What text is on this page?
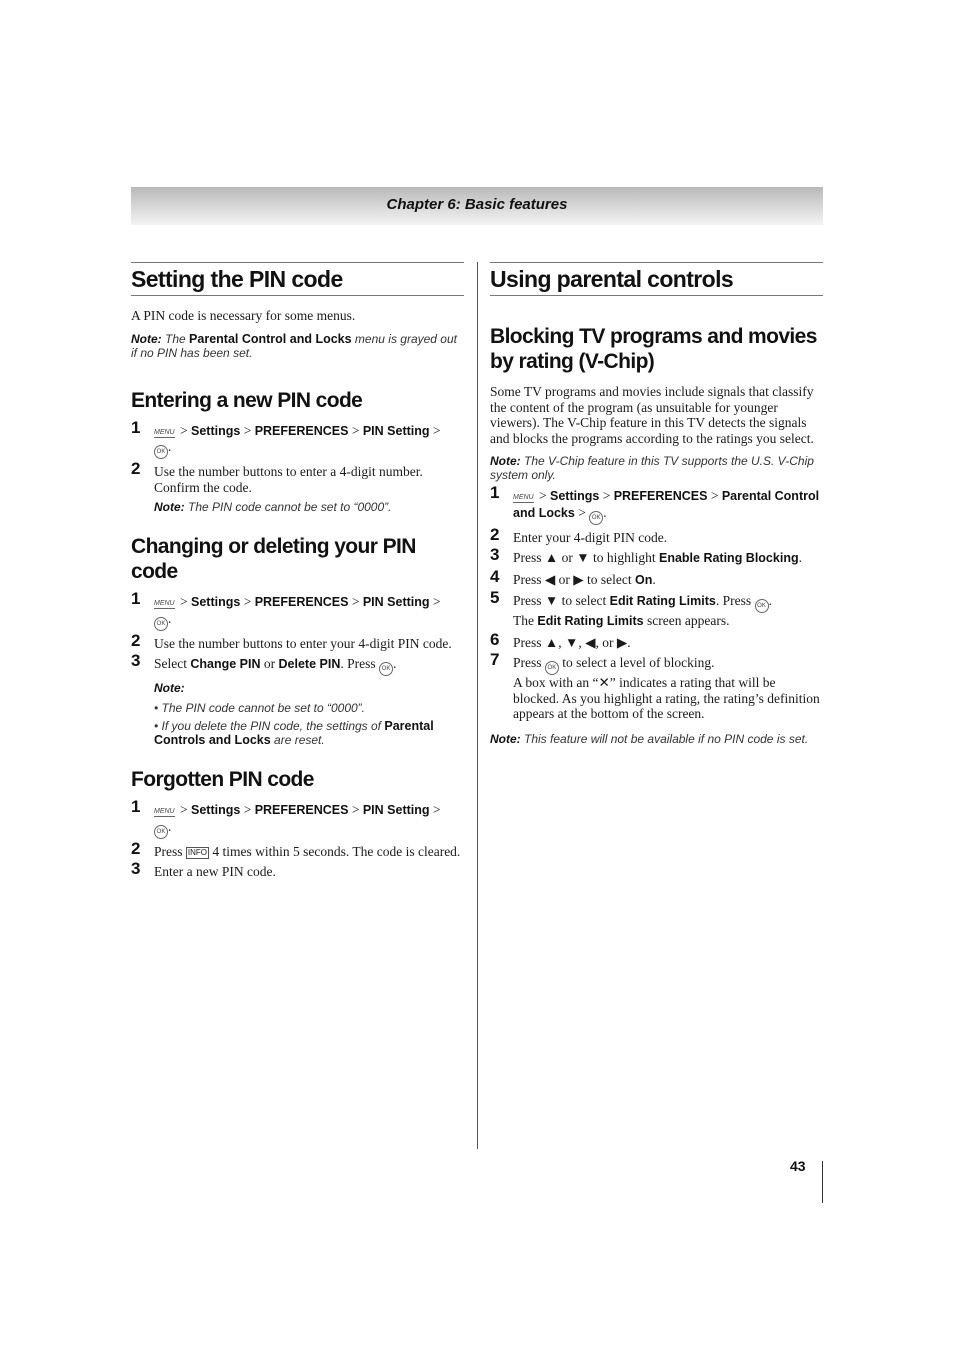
Chapter 6: Basic features
Setting the PIN code

A PIN code is necessary for some menus.

Note: The Parental Control and Locks menu is grayed out if no PIN has been set.

Entering a new PIN code
1 MENU > Settings > PREFERENCES > PIN Setting >
OK .
2 Use the number buttons to enter a 4-digit number. Confirm the code.

Note: The PIN code cannot be set to “0000”.

Changing or deleting your PIN code
1 MENU > Settings > PREFERENCES > PIN Setting >
OK .
2 Use the number buttons to enter your 4-digit PIN code.
3 Select Change PIN or Delete PIN. Press OK .

Note:

• The PIN code cannot be set to “0000”.

• If you delete the PIN code, the settings of Parental Controls and Locks are reset.

Forgotten PIN code
1 MENU > Settings > PREFERENCES > PIN Setting >
OK .
2 Press INFO 4 times within 5 seconds. The code is cleared.
3 Enter a new PIN code.
Using parental controls
Blocking TV programs and movies by rating (V-Chip)

Some TV programs and movies include signals that classify the content of the program (as unsuitable for younger viewers). The V-Chip feature in this TV detects the signals and blocks the programs according to the ratings you select.

Note: The V-Chip feature in this TV supports the U.S. V-Chip system only.

1 MENU > Settings > PREFERENCES > Parental Control and Locks > OK .
2 Enter your 4-digit PIN code.
3 Press ▲ or ▼ to highlight Enable Rating Blocking.
4 Press ◀ or ▶ to select On.
5 Press ▼ to select Edit Rating Limits. Press OK .
The Edit Rating Limits screen appears.
6 Press ▲, ▼, ◀, or ▶.
7 Press OK to select a level of blocking.
A box with an “✕” indicates a rating that will be blocked. As you highlight a rating, the rating’s definition appears at the bottom of the screen.

Note: This feature will not be available if no PIN code is set.

43
